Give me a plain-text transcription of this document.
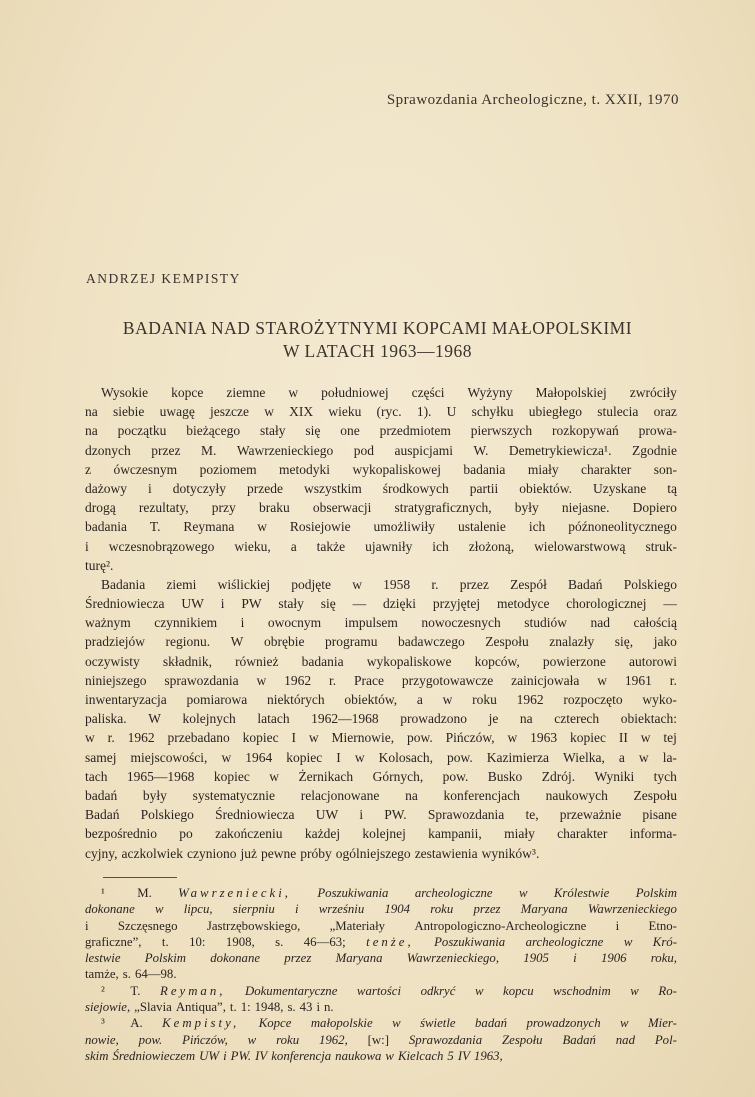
Sprawozdania Archeologiczne, t. XXII, 1970
ANDRZEJ KEMPISTY
BADANIA NAD STAROŻYTNYMI KOPCAMI MAŁOPOLSKIMI
W LATACH 1963—1968
Wysokie kopce ziemne w południowej części Wyżyny Małopolskiej zwróciły
na siebie uwagę jeszcze w XIX wieku (ryc. 1). U schyłku ubiegłego stulecia oraz
na początku bieżącego stały się one przedmiotem pierwszych rozkopywań prowa-
dzonych przez M. Wawrzenieckiego pod auspicjami W. Demetrykiewicza¹. Zgodnie
z ówczesnym poziomem metodyki wykopaliskowej badania miały charakter son-
dażowy i dotyczyły przede wszystkim środkowych partii obiektów. Uzyskane tą
drogą rezultaty, przy braku obserwacji stratygraficznych, były niejasne. Dopiero
badania T. Reymana w Rosiejowie umożliwiły ustalenie ich późnoneolitycznego
i wczesnobrązowego wieku, a także ujawniły ich złożoną, wielowarstwową struk-
turę².
Badania ziemi wiślickiej podjęte w 1958 r. przez Zespół Badań Polskiego
Średniowiecza UW i PW stały się — dzięki przyjętej metodyce chorologicznej —
ważnym czynnikiem i owocnym impulsem nowoczesnych studiów nad całością
pradziejów regionu. W obrębie programu badawczego Zespołu znalazły się, jako
oczywisty składnik, również badania wykopaliskowe kopców, powierzone autorowi
niniejszego sprawozdania w 1962 r. Prace przygotowawcze zainicjowała w 1961 r.
inwentaryzacja pomiarowa niektórych obiektów, a w roku 1962 rozpoczęto wyko-
paliska. W kolejnych latach 1962—1968 prowadzono je na czterech obiektach:
w r. 1962 przebadano kopiec I w Miernowie, pow. Pińczów, w 1963 kopiec II w tej
samej miejscowości, w 1964 kopiec I w Kolosach, pow. Kazimierza Wielka, a w la-
tach 1965—1968 kopiec w Żernikach Górnych, pow. Busko Zdrój. Wyniki tych
badań były systematycznie relacjonowane na konferencjach naukowych Zespołu
Badań Polskiego Średniowiecza UW i PW. Sprawozdania te, przeważnie pisane
bezpośrednio po zakończeniu każdej kolejnej kampanii, miały charakter informa-
cyjny, aczkolwiek czyniono już pewne próby ogólniejszego zestawienia wyników³.
¹	M. Wawrzeniecki, Poszukiwania archeologiczne w Królestwie Polskim
dokonane w lipcu, sierpniu i wrześniu 1904 roku przez Maryana Wawrzenieckiego
i Szczęsnego Jastrzębowskiego, „Materiały Antropologiczno-Archeologiczne i Etno-
graficzne”, t. 10: 1908, s. 46—63; tenże, Poszukiwania archeologiczne w Kró-
lestwie Polskim dokonane przez Maryana Wawrzenieckiego, 1905 i 1906 roku,
tamże, s. 64—98.
² T. Reyman, Dokumentaryczne wartości odkryć w kopcu wschodnim w Ro-
siejowie, „Slavia Antiqua”, t. 1: 1948, s. 43 i n.
³ A. Kempisty, Kopce małopolskie w świetle badań prowadzonych w Mier-
nowie, pow. Pińczów, w roku 1962, [w:] Sprawozdania Zespołu Badań nad Pol-
skim Średniowieczem UW i PW. IV konferencja naukowa w Kielcach 5 IV 1963,
